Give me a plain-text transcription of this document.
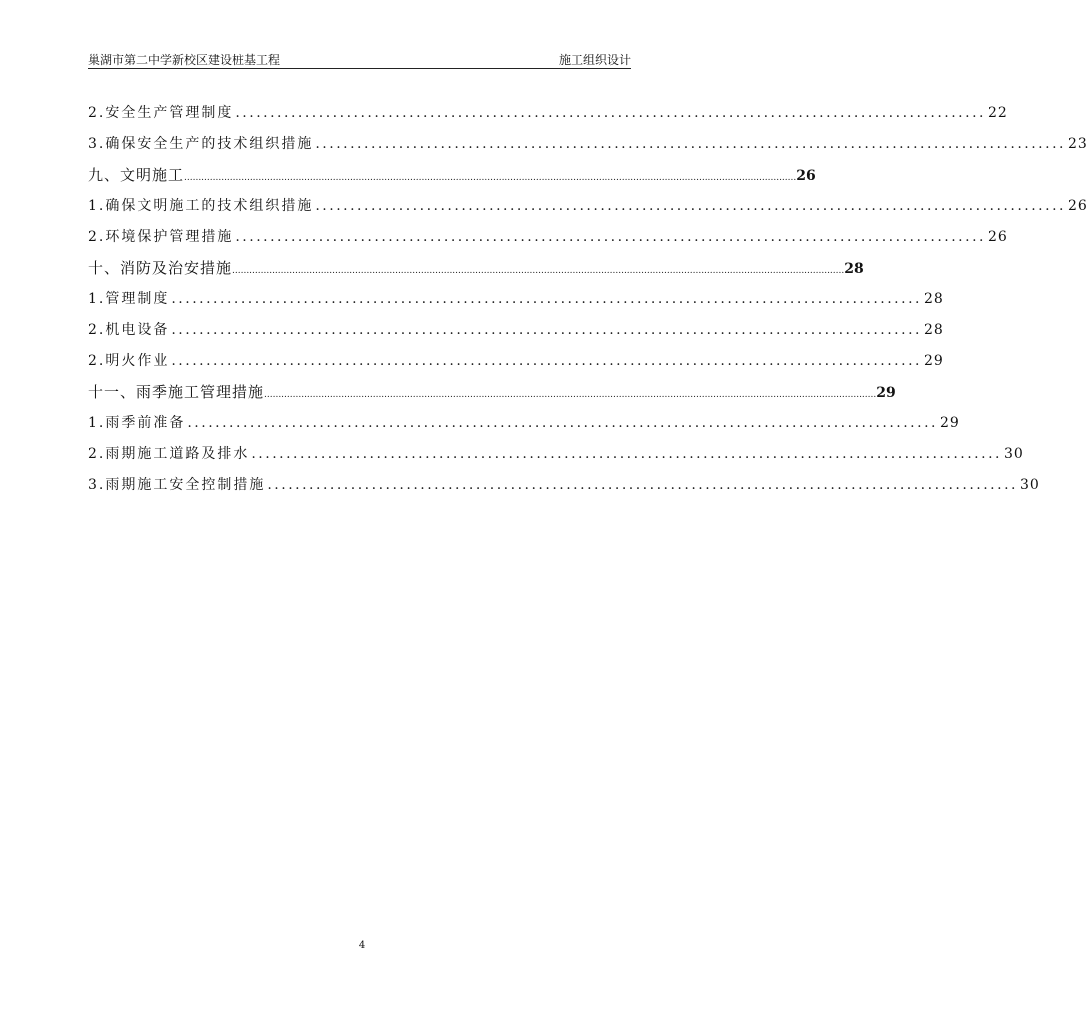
巢湖市第二中学新校区建设桩基工程	施工组织设计
2.安全生产管理制度 ............................................................................................................ 22
3.确保安全生产的技术组织措施 ............................................................................................................ 23
九、文明施工 ...................................................................................................................................................................................................................... 26
1.确保文明施工的技术组织措施 ............................................................................................................ 26
2.环境保护管理措施 ............................................................................................................ 26
十、消防及治安措施 ...................................................................................................................................................................................................................... 28
1.管理制度 ............................................................................................................ 28
2.机电设备 ............................................................................................................ 28
2.明火作业 ............................................................................................................ 29
十一、雨季施工管理措施 ...................................................................................................................................................................................................................... 29
1.雨季前准备 ............................................................................................................ 29
2.雨期施工道路及排水 ............................................................................................................ 30
3.雨期施工安全控制措施 ............................................................................................................ 30
4
